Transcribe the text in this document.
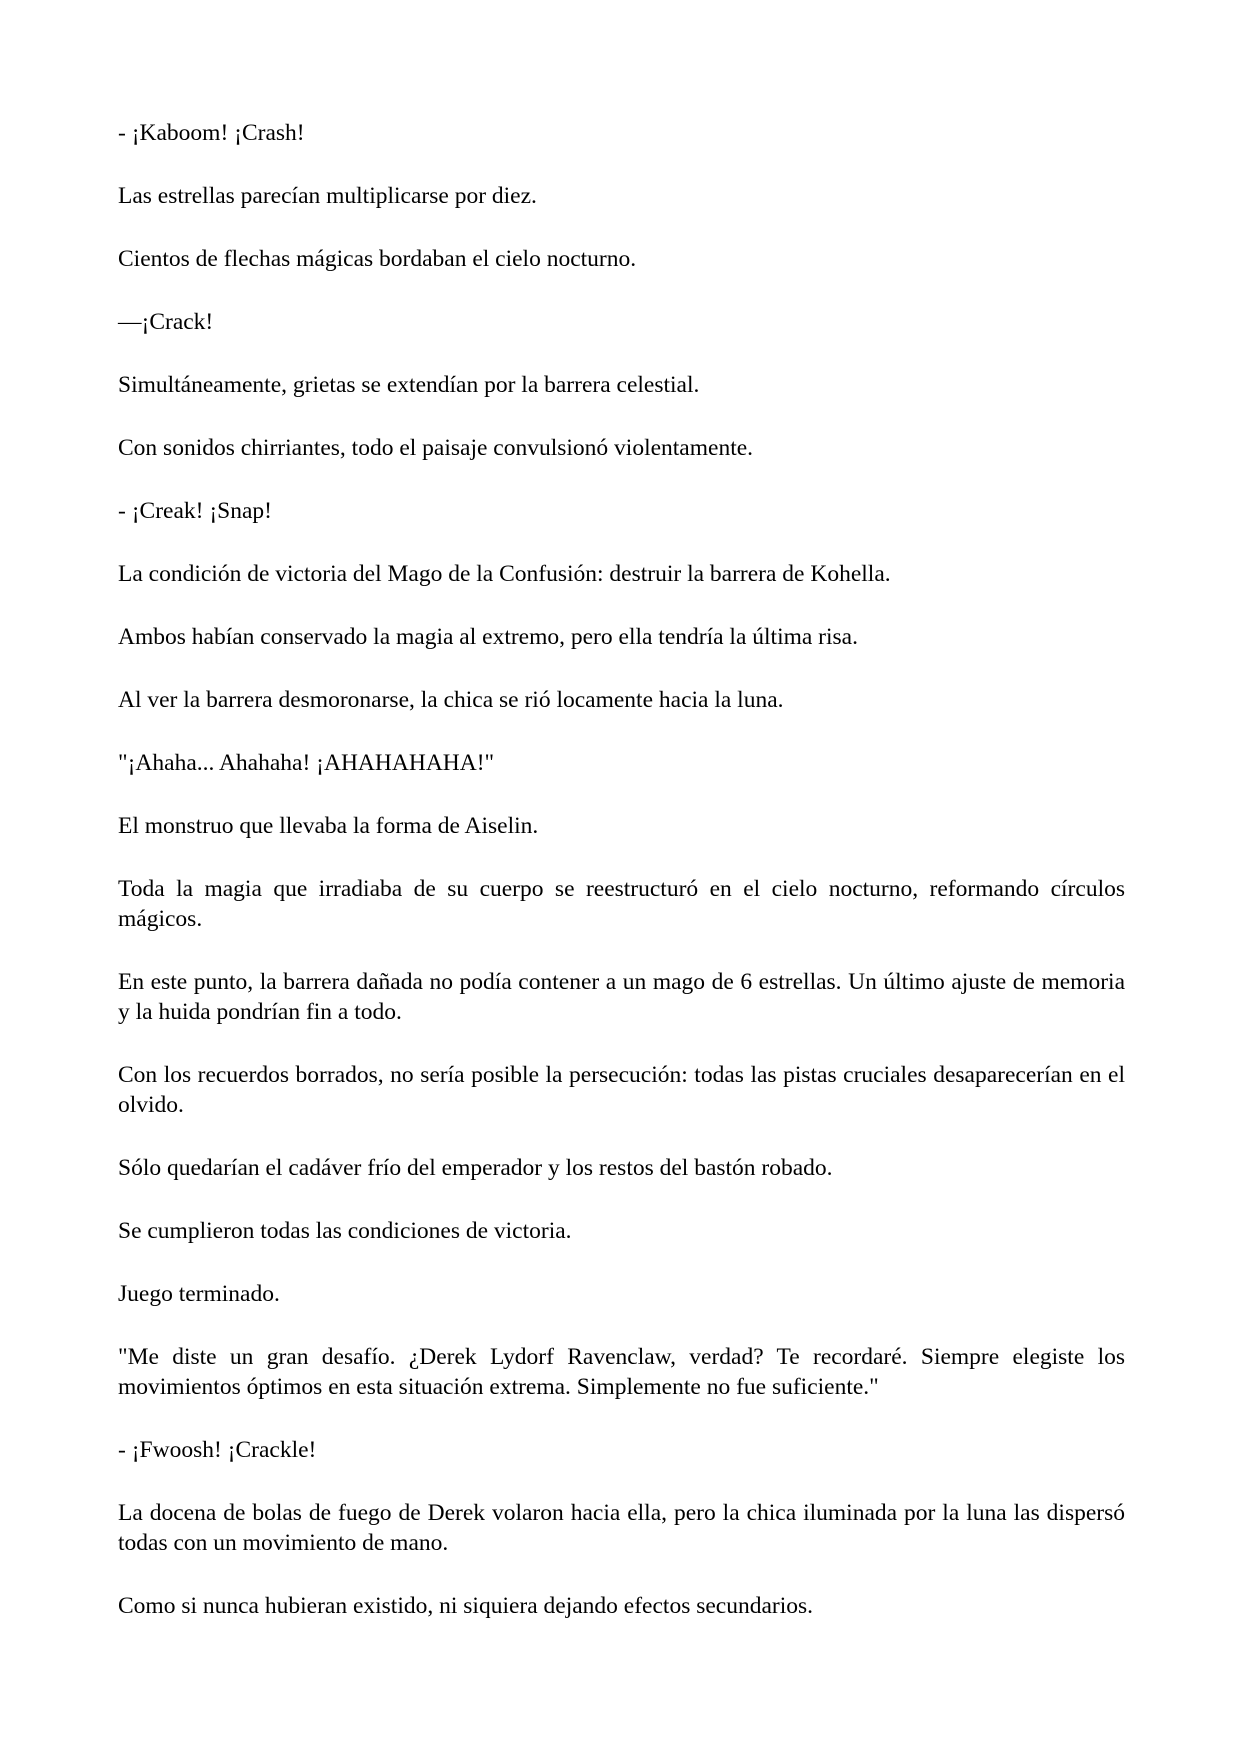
- ¡Kaboom! ¡Crash!

Las estrellas parecían multiplicarse por diez.

Cientos de flechas mágicas bordaban el cielo nocturno.

—¡Crack!

Simultáneamente, grietas se extendían por la barrera celestial.

Con sonidos chirriantes, todo el paisaje convulsionó violentamente.

- ¡Creak! ¡Snap!

La condición de victoria del Mago de la Confusión: destruir la barrera de Kohella.

Ambos habían conservado la magia al extremo, pero ella tendría la última risa.

Al ver la barrera desmoronarse, la chica se rió locamente hacia la luna.

"¡Ahaha... Ahahaha! ¡AHAHAHAHA!"

El monstruo que llevaba la forma de Aiselin.

Toda la magia que irradiaba de su cuerpo se reestructuró en el cielo nocturno, reformando círculos mágicos.

En este punto, la barrera dañada no podía contener a un mago de 6 estrellas. Un último ajuste de memoria y la huida pondrían fin a todo.

Con los recuerdos borrados, no sería posible la persecución: todas las pistas cruciales desaparecerían en el olvido.

Sólo quedarían el cadáver frío del emperador y los restos del bastón robado.

Se cumplieron todas las condiciones de victoria.

Juego terminado.

"Me diste un gran desafío. ¿Derek Lydorf Ravenclaw, verdad? Te recordaré. Siempre elegiste los movimientos óptimos en esta situación extrema. Simplemente no fue suficiente."

- ¡Fwoosh! ¡Crackle!

La docena de bolas de fuego de Derek volaron hacia ella, pero la chica iluminada por la luna las dispersó todas con un movimiento de mano.

Como si nunca hubieran existido, ni siquiera dejando efectos secundarios.
